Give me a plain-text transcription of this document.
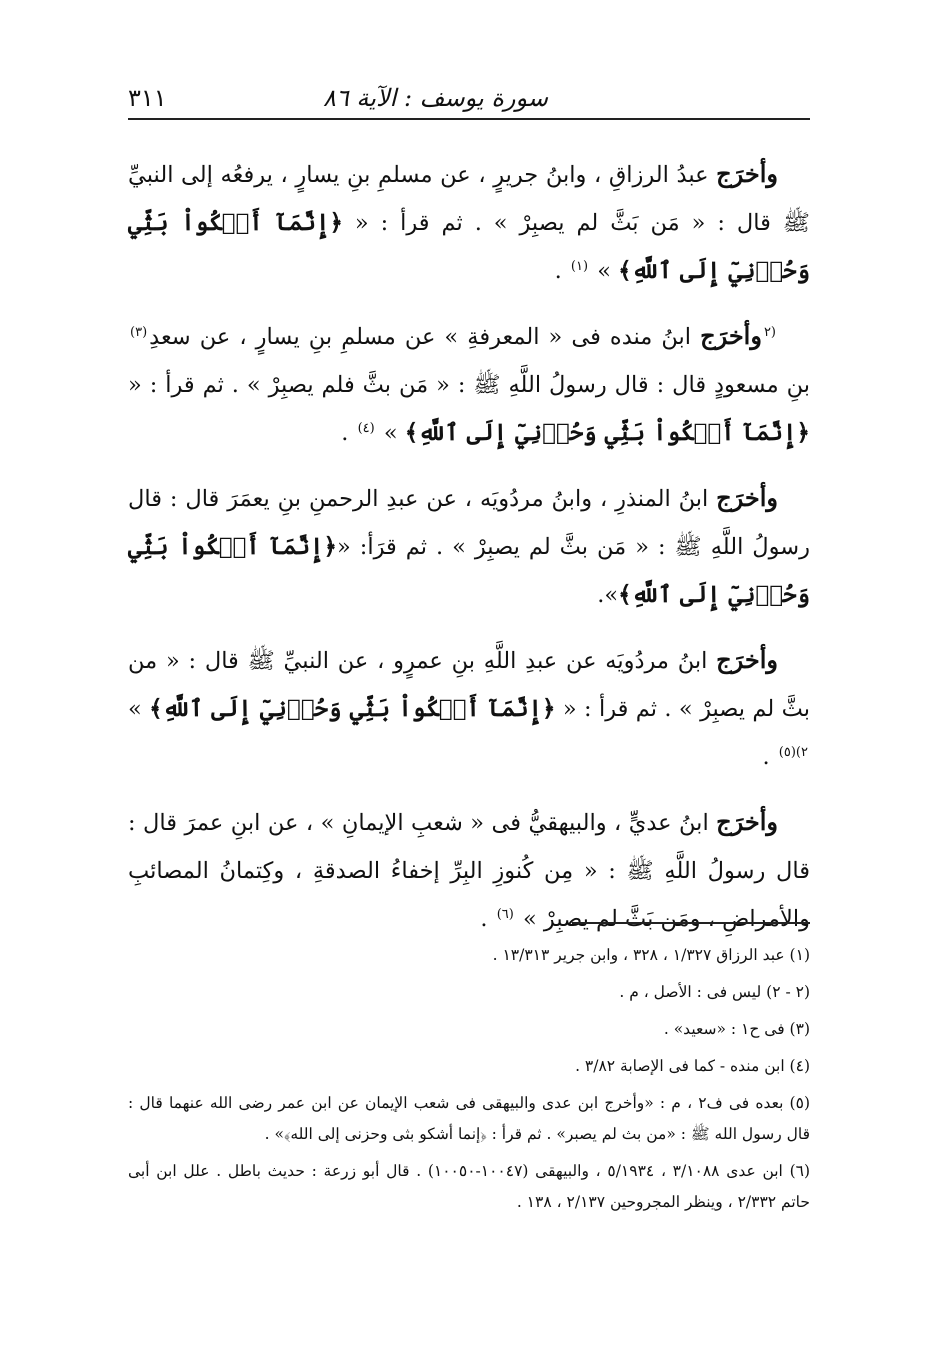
سورة يوسف : الآية ٨٦
٣١١

وأخرَج عبدُ الرزاقِ ، وابنُ جريرٍ ، عن مسلمِ بنِ يسارٍ ، يرفعُه إلى النبيِّ ﷺ قال : « مَن بَثَّ لم يصبِرْ » . ثم قرأ : « ﴿إِنَّمَآ أَشۡكُواْ بَثِّي وَحُزۡنِيٓ إِلَى ٱللَّهِ﴾ » $^{(١)}$ .

$^{(٢}$وأخرَج ابنُ منده فى « المعرفةِ » عن مسلمِ بنِ يسارٍ ، عن سعدِ$^{(٣)}$ بنِ مسعودٍ قال : قال رسولُ اللَّهِ ﷺ : « مَن بثَّ فلم يصبِرْ » . ثم قرأ : « ﴿إِنَّمَآ أَشۡكُواْ بَثِّي وَحُزۡنِيٓ إِلَى ٱللَّهِ﴾ » $^{(٤)}$ .

وأخرَج ابنُ المنذرِ ، وابنُ مردُويَه ، عن عبدِ الرحمنِ بنِ يعمَرَ قال : قال رسولُ اللَّهِ ﷺ : « مَن بثَّ لم يصبِرْ » . ثم قرَأ: «﴿إِنَّمَآ أَشۡكُواْ بَثِّي وَحُزۡنِيٓ إِلَى ٱللَّهِ﴾».

وأخرَج ابنُ مردُويَه عن عبدِ اللَّهِ بنِ عمرٍو ، عن النبيِّ ﷺ قال : « من بثَّ لم يصبِرْ » . ثم قرأ : « ﴿إِنَّمَآ أَشۡكُواْ بَثِّي وَحُزۡنِيٓ إِلَى ٱللَّهِ﴾ » $^{٢)(٥)}$ .

وأخرَج ابنُ عديٍّ ، والبيهقيُّ فى « شعبِ الإيمانِ » ، عن ابنِ عمرَ قال : قال رسولُ اللَّهِ ﷺ : « مِن كُنوزِ البِرِّ إخفاءُ الصدقةِ ، وكِتمانُ المصائبِ والأمراضِ ، ومَن بَثَّ لم يصبِرْ » $^{(٦)}$ .

(١) عبد الرزاق ١/٣٢٧ ، ٣٢٨ ، وابن جرير ١٣/٣١٣ .

(٢ - ٢) ليس فى : الأصل ، م .

(٣) فى ح١ : «سعيد» .

(٤) ابن منده - كما فى الإصابة ٣/٨٢ .

(٥) بعده فى ف٢ ، م : «وأخرج ابن عدى والبيهقى فى شعب الإيمان عن ابن عمر رضى الله عنهما قال : قال رسول الله ﷺ : «من بث لم يصبر» . ثم قرأ : ﴿إنما أشكو بثى وحزنى إلى الله﴾» .

(٦) ابن عدى ٣/١٠٨٨ ، ٥/١٩٣٤ ، والبيهقى (١٠٠٤٧-١٠٠٥٠) . قال أبو زرعة : حديث باطل . علل ابن أبى حاتم ٢/٣٣٢ ، وينظر المجروحين ٢/١٣٧ ، ١٣٨ .
